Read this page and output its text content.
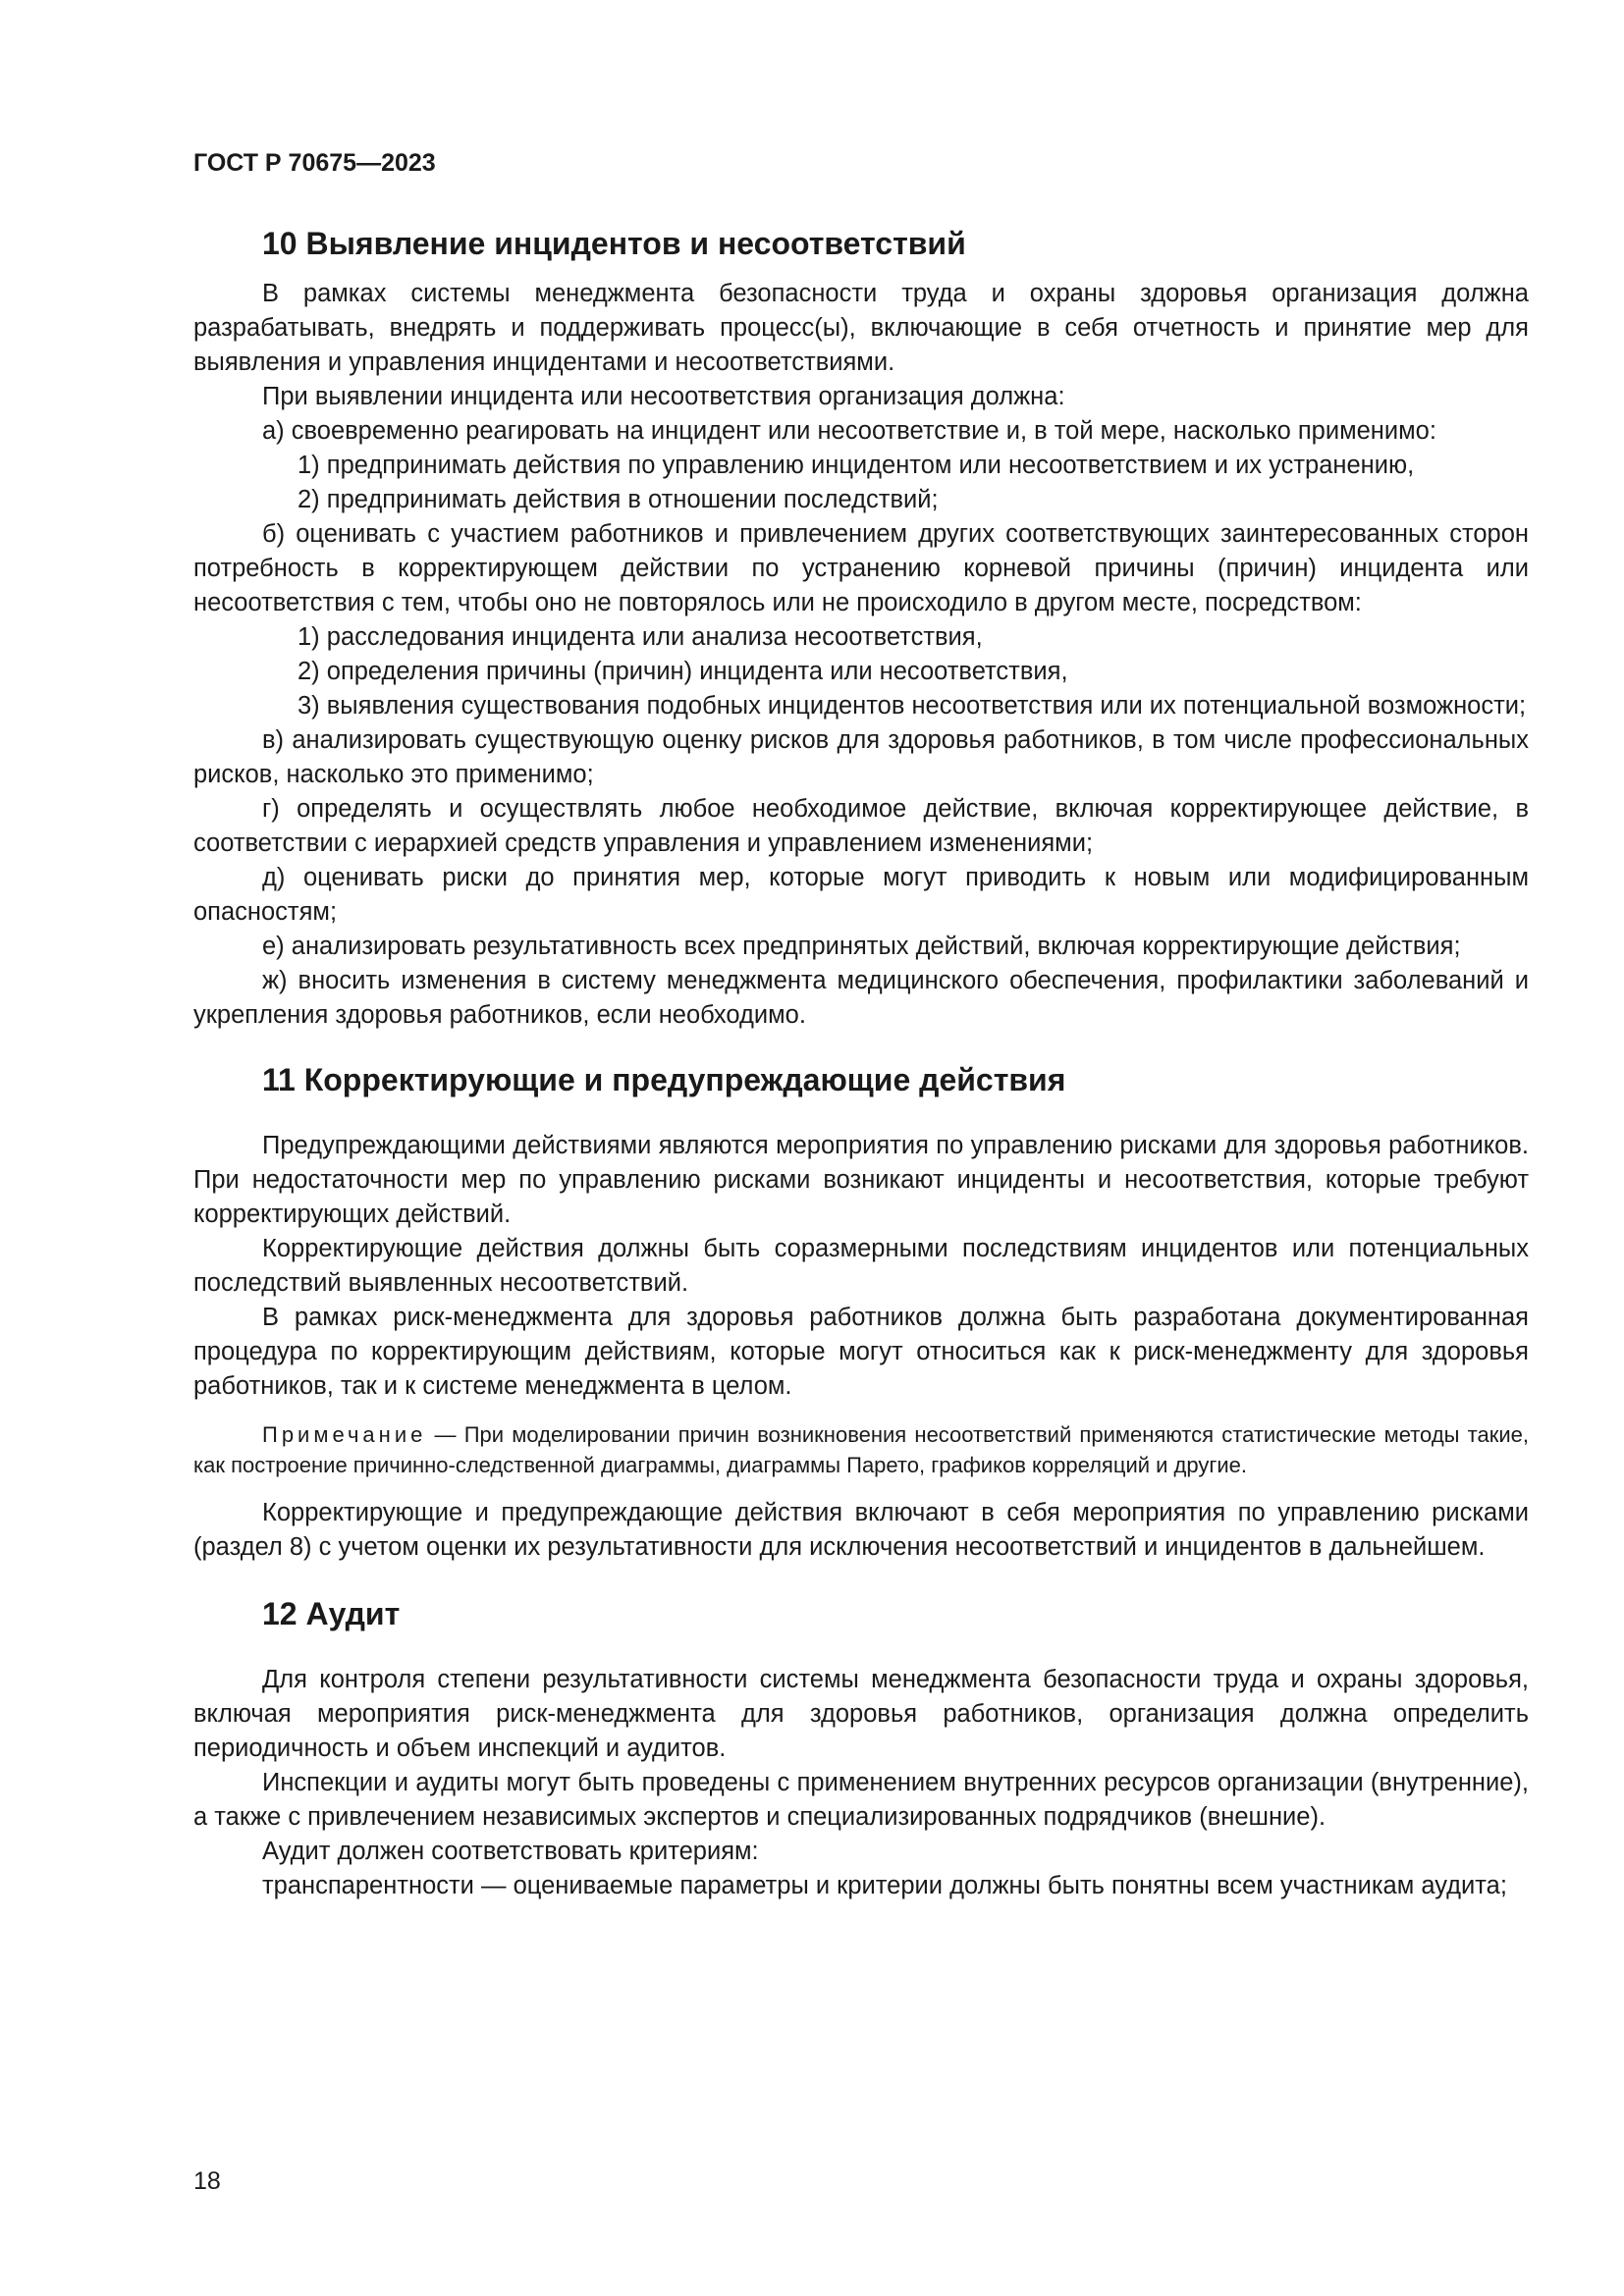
ГОСТ Р 70675—2023
10 Выявление инцидентов и несоответствий

В рамках системы менеджмента безопасности труда и охраны здоровья организация должна разрабатывать, внедрять и поддерживать процесс(ы), включающие в себя отчетность и принятие мер для выявления и управления инцидентами и несоответствиями.

При выявлении инцидента или несоответствия организация должна:

а) своевременно реагировать на инцидент или несоответствие и, в той мере, насколько применимо:

1) предпринимать действия по управлению инцидентом или несоответствием и их устранению,

2) предпринимать действия в отношении последствий;

б) оценивать с участием работников и привлечением других соответствующих заинтересованных сторон потребность в корректирующем действии по устранению корневой причины (причин) инцидента или несоответствия с тем, чтобы оно не повторялось или не происходило в другом месте, посредством:

1) расследования инцидента или анализа несоответствия,

2) определения причины (причин) инцидента или несоответствия,

3) выявления существования подобных инцидентов несоответствия или их потенциальной возможности;

в) анализировать существующую оценку рисков для здоровья работников, в том числе профессиональных рисков, насколько это применимо;

г) определять и осуществлять любое необходимое действие, включая корректирующее действие, в соответствии с иерархией средств управления и управлением изменениями;

д) оценивать риски до принятия мер, которые могут приводить к новым или модифицированным опасностям;

е) анализировать результативность всех предпринятых действий, включая корректирующие действия;

ж) вносить изменения в систему менеджмента медицинского обеспечения, профилактики заболеваний и укрепления здоровья работников, если необходимо.

11 Корректирующие и предупреждающие действия

Предупреждающими действиями являются мероприятия по управлению рисками для здоровья работников. При недостаточности мер по управлению рисками возникают инциденты и несоответствия, которые требуют корректирующих действий.

Корректирующие действия должны быть соразмерными последствиям инцидентов или потенциальных последствий выявленных несоответствий.

В рамках риск-менеджмента для здоровья работников должна быть разработана документированная процедура по корректирующим действиям, которые могут относиться как к риск-менеджменту для здоровья работников, так и к системе менеджмента в целом.

Примечание — При моделировании причин возникновения несоответствий применяются статистические методы такие, как построение причинно-следственной диаграммы, диаграммы Парето, графиков корреляций и другие.

Корректирующие и предупреждающие действия включают в себя мероприятия по управлению рисками (раздел 8) с учетом оценки их результативности для исключения несоответствий и инцидентов в дальнейшем.

12 Аудит

Для контроля степени результативности системы менеджмента безопасности труда и охраны здоровья, включая мероприятия риск-менеджмента для здоровья работников, организация должна определить периодичность и объем инспекций и аудитов.

Инспекции и аудиты могут быть проведены с применением внутренних ресурсов организации (внутренние), а также с привлечением независимых экспертов и специализированных подрядчиков (внешние).

Аудит должен соответствовать критериям:

транспарентности — оцениваемые параметры и критерии должны быть понятны всем участникам аудита;

18
